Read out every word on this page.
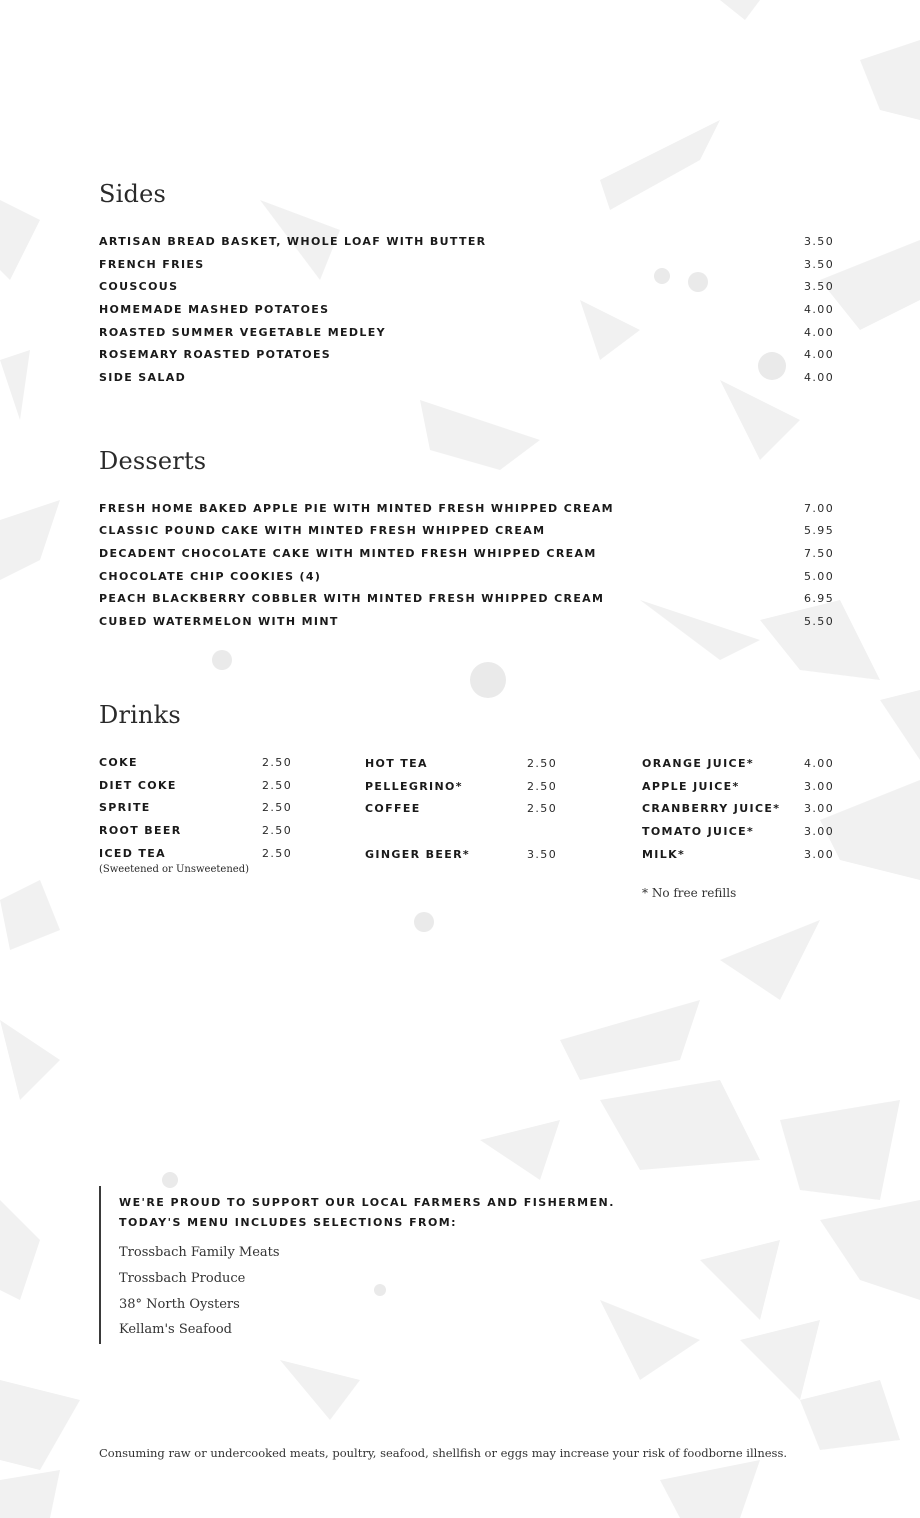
Sides

ARTISAN BREAD BASKET, WHOLE LOAF WITH BUTTER	3.50

FRENCH FRIES	3.50

COUSCOUS	3.50

HOMEMADE MASHED POTATOES	4.00

ROASTED SUMMER VEGETABLE MEDLEY	4.00

ROSEMARY ROASTED POTATOES	4.00

SIDE SALAD	4.00

Desserts

FRESH HOME BAKED APPLE PIE WITH MINTED FRESH WHIPPED CREAM	7.00

CLASSIC POUND CAKE WITH MINTED FRESH WHIPPED CREAM	5.95

DECADENT CHOCOLATE CAKE WITH MINTED FRESH WHIPPED CREAM	7.50

CHOCOLATE CHIP COOKIES (4)	5.00

PEACH BLACKBERRY COBBLER WITH MINTED FRESH WHIPPED CREAM	6.95

CUBED WATERMELON WITH MINT	5.50

Drinks

COKE	2.50

DIET COKE	2.50

SPRITE	2.50

ROOT BEER	2.50

ICED TEA	2.50

(Sweetened or Unsweetened)

HOT TEA	2.50

PELLEGRINO*	2.50

COFFEE	2.50

GINGER BEER*	3.50

ORANGE JUICE*	4.00

APPLE JUICE*	3.00

CRANBERRY JUICE* 3.00

TOMATO JUICE*	3.00

MILK*	3.00

* No free refills

WE'RE PROUD TO SUPPORT OUR LOCAL FARMERS AND FISHERMEN.

TODAY'S MENU INCLUDES SELECTIONS FROM:

Trossbach Family Meats

Trossbach Produce

38° North Oysters

Kellam's Seafood

Consuming raw or undercooked meats, poultry, seafood, shellfish or eggs may increase your risk of foodborne illness.
